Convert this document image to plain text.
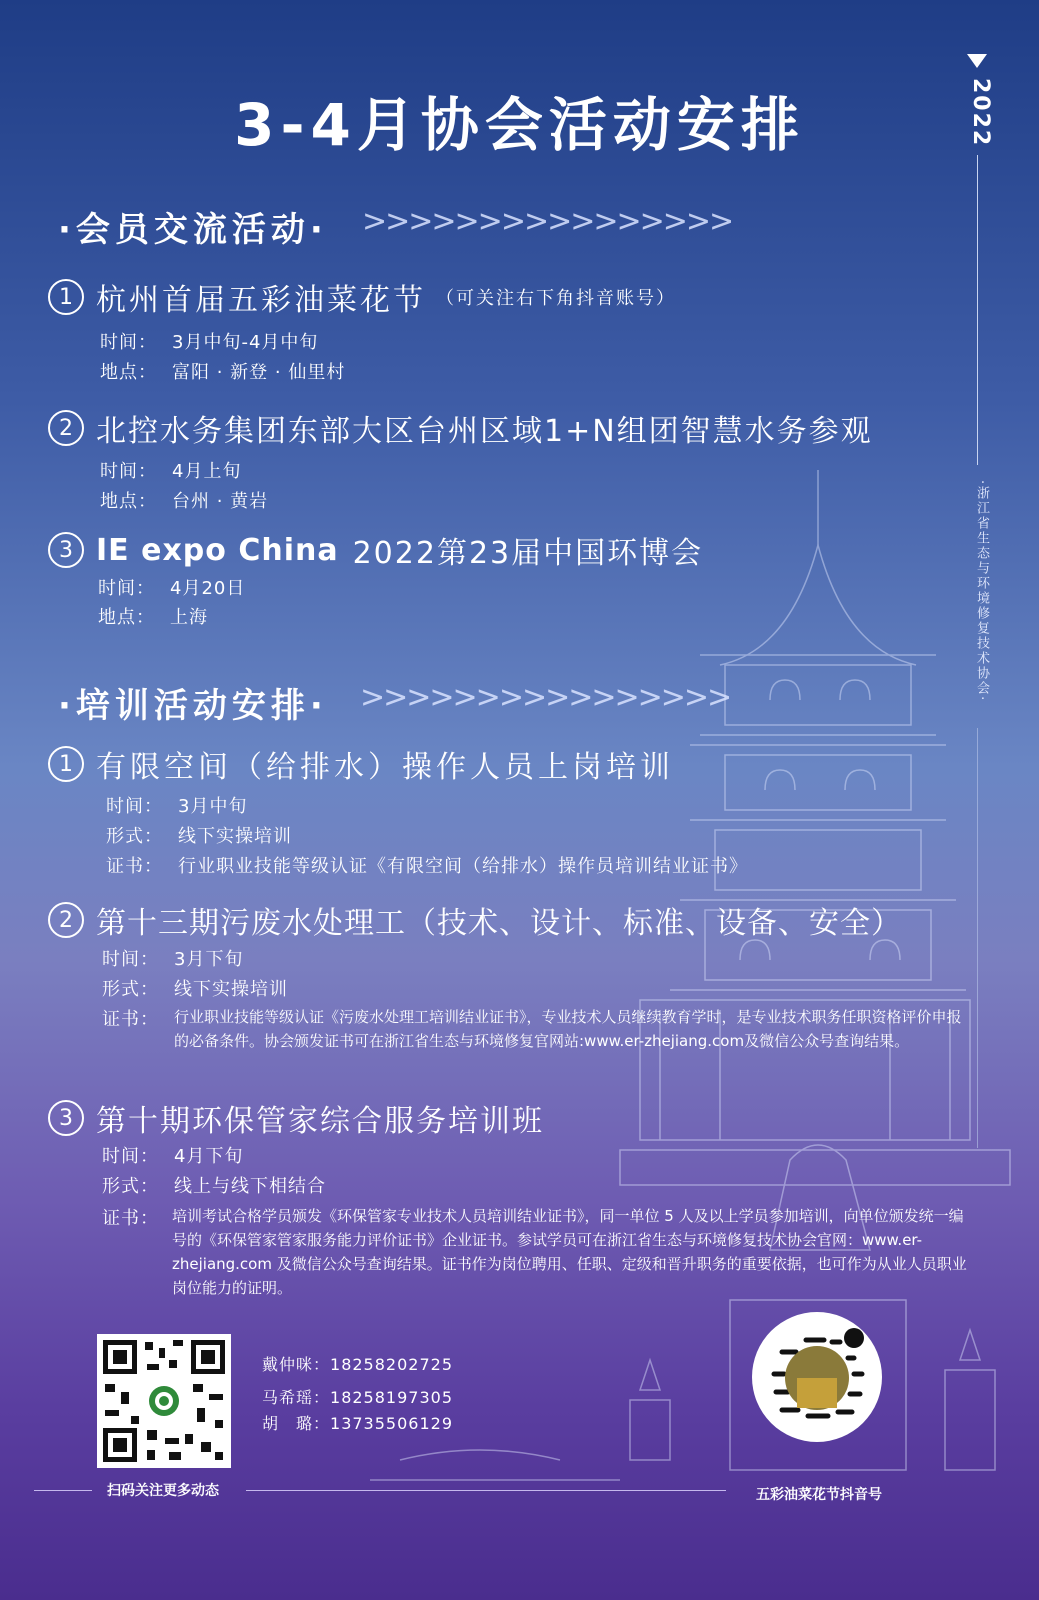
3-4月协会活动安排	2022
·浙江省生态与环境修复技术协会·
·会员交流活动· >>>>>>>>>>>>>>>>
1 杭州首届五彩油菜花节 （可关注右下角抖音账号）
时间： 3月中旬-4月中旬
地点： 富阳 · 新登 · 仙里村
2 北控水务集团东部大区台州区域1+N组团智慧水务参观
时间： 4月上旬
地点： 台州 · 黄岩
3 IE expo China 2022第23届中国环博会
时间： 4月20日
地点： 上海
·培训活动安排· >>>>>>>>>>>>>>>>
1 有限空间（给排水）操作人员上岗培训
时间： 3月中旬
形式： 线下实操培训
证书： 行业职业技能等级认证《有限空间（给排水）操作员培训结业证书》
2 第十三期污废水处理工（技术、设计、标准、设备、安全）
时间： 3月下旬
形式： 线下实操培训
证书： 行业职业技能等级认证《污废水处理工培训结业证书》，专业技术人员继续教育学时，是专业技术职务任职资格评价申报的必备条件。协会颁发证书可在浙江省生态与环境修复官网站:www.er-zhejiang.com及微信公众号查询结果。
3 第十期环保管家综合服务培训班
时间： 4月下旬
形式： 线上与线下相结合
证书： 培训考试合格学员颁发《环保管家专业技术人员培训结业证书》，同一单位 5 人及以上学员参加培训，向单位颁发统一编号的《环保管家管家服务能力评价证书》企业证书。参试学员可在浙江省生态与环境修复技术协会官网：www.er-zhejiang.com 及微信公众号查询结果。证书作为岗位聘用、任职、定级和晋升职务的重要依据，也可作为从业人员职业岗位能力的证明。
戴仲咪：18258202725
马希瑶：18258197305
胡　璐：13735506129
扫码关注更多动态	五彩油菜花节抖音号
